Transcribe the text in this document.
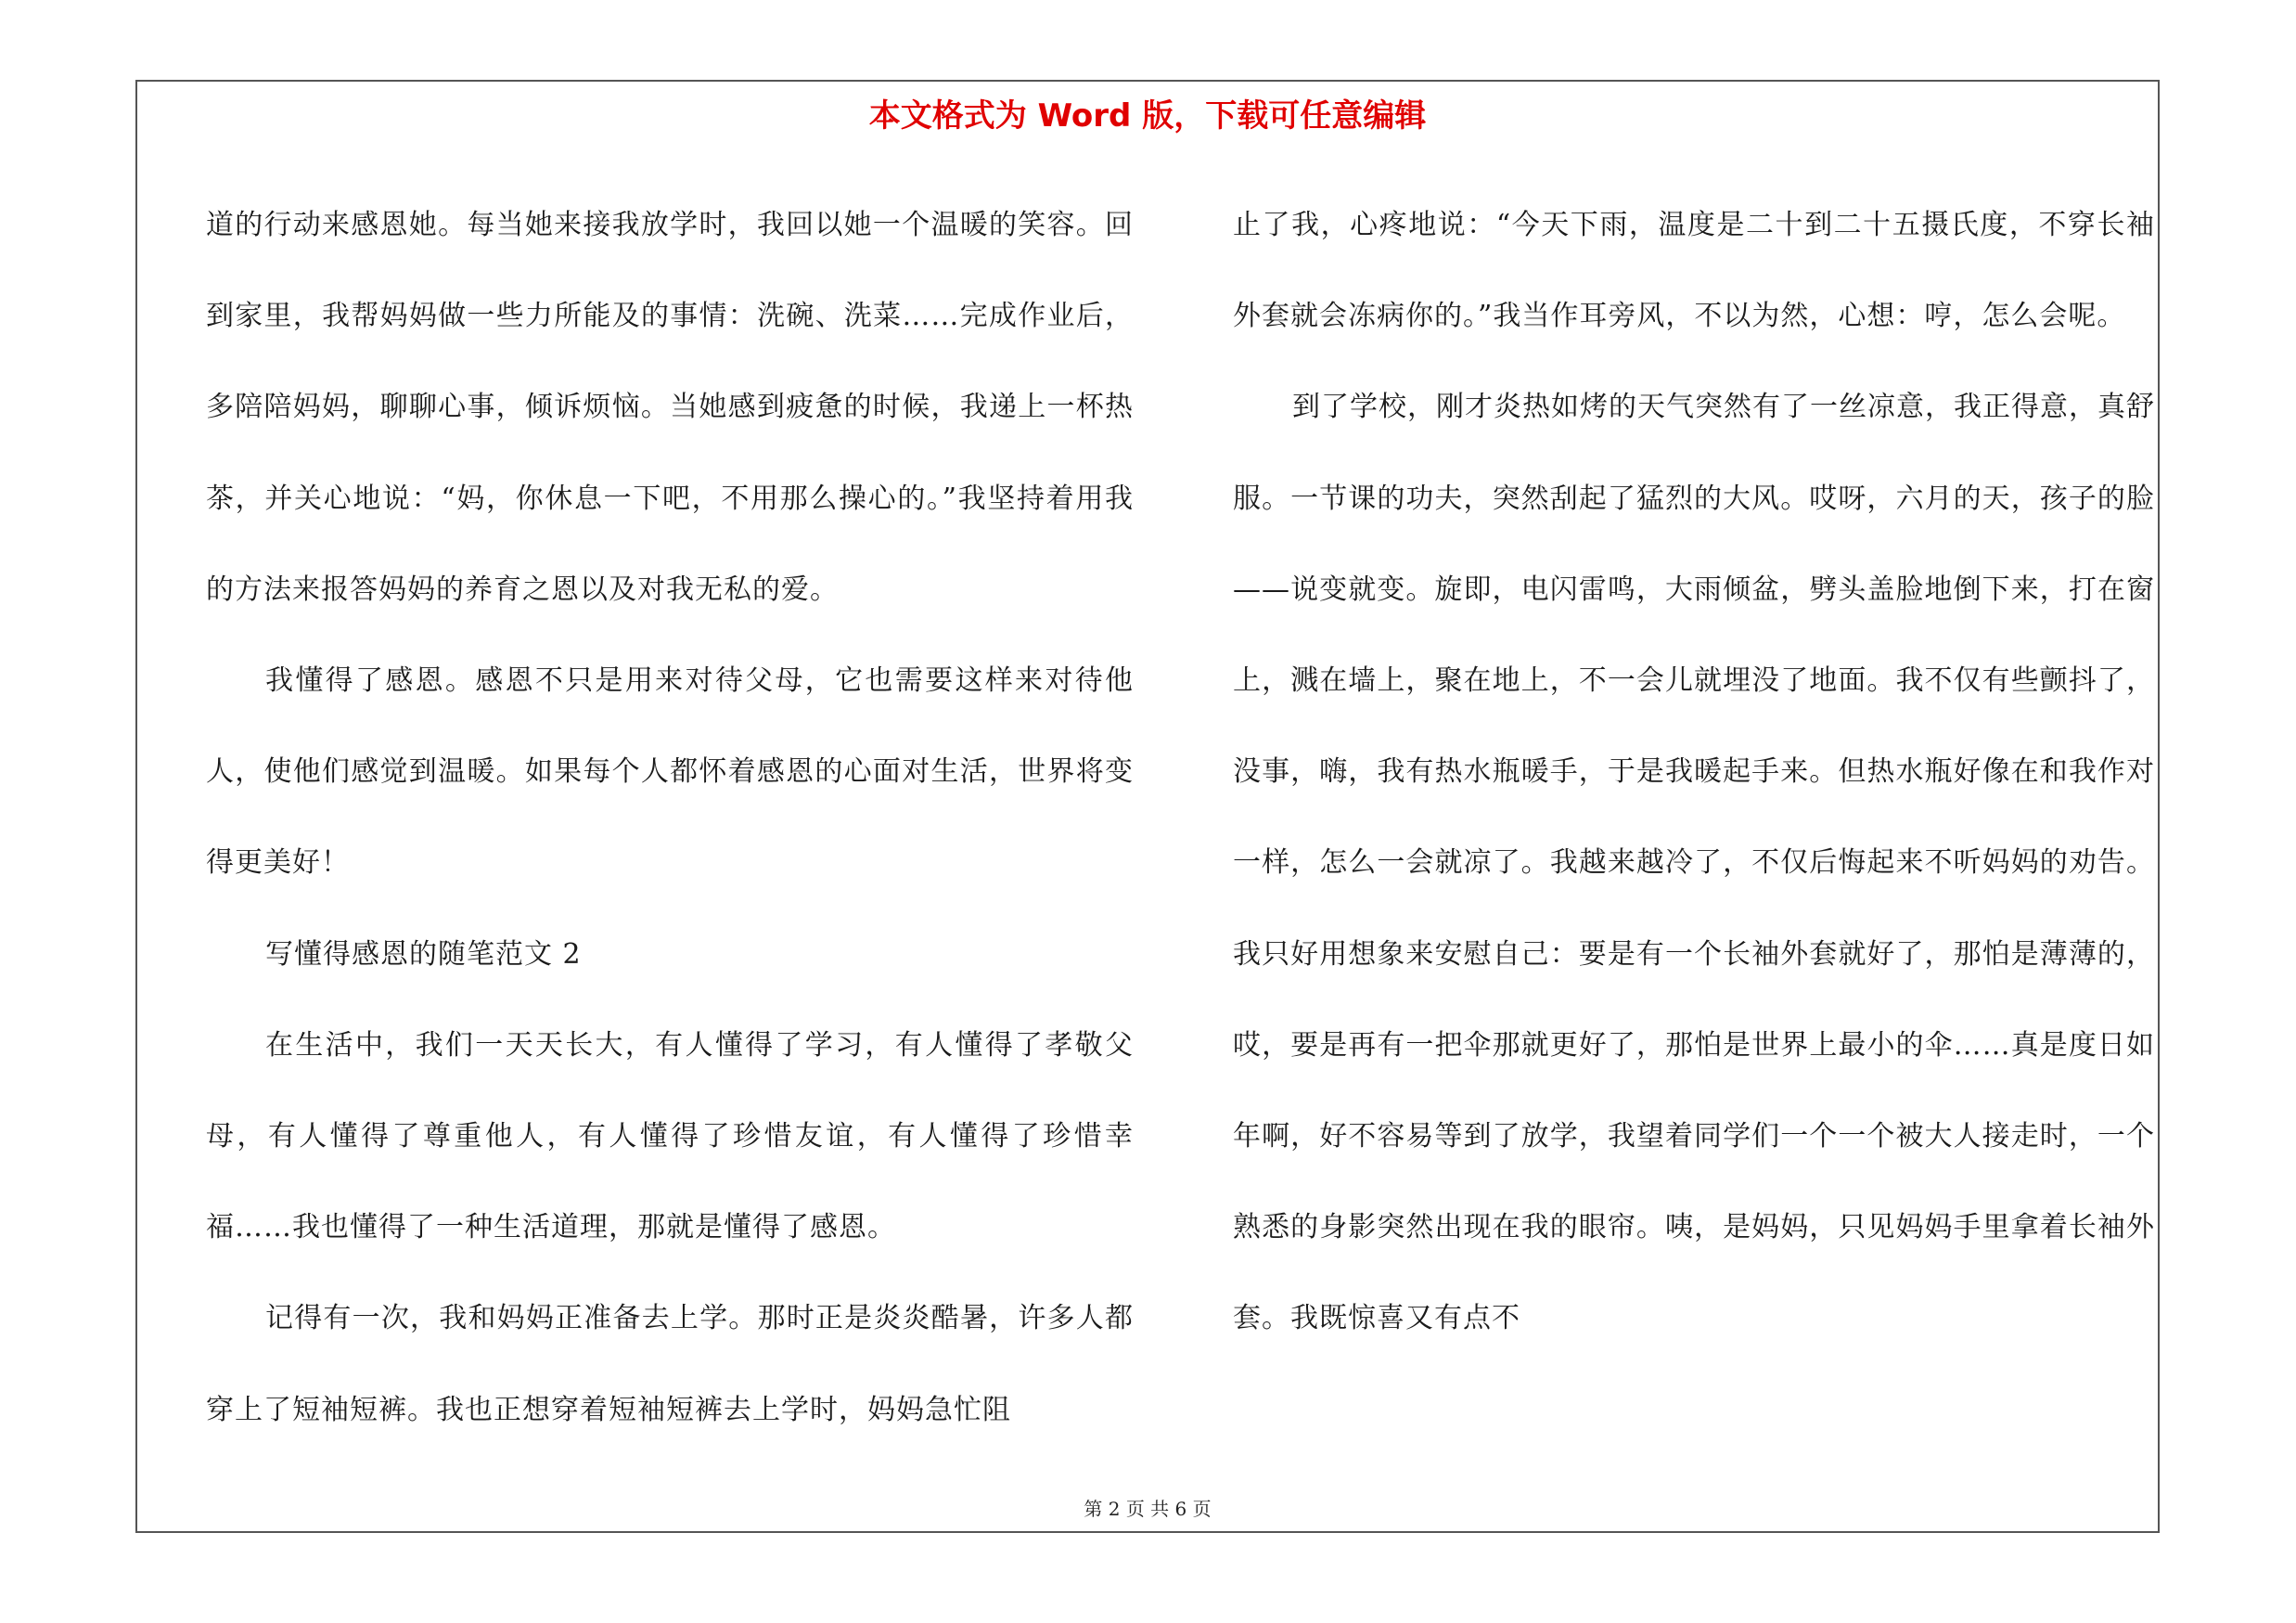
本文格式为 Word 版，下载可任意编辑

道的行动来感恩她。每当她来接我放学时，我回以她一个温暖的笑容。回到家里，我帮妈妈做一些力所能及的事情：洗碗、洗菜……完成作业后，多陪陪妈妈，聊聊心事，倾诉烦恼。当她感到疲惫的时候，我递上一杯热茶，并关心地说：“妈，你休息一下吧，不用那么操心的。”我坚持着用我的方法来报答妈妈的养育之恩以及对我无私的爱。

我懂得了感恩。感恩不只是用来对待父母，它也需要这样来对待他人，使他们感觉到温暖。如果每个人都怀着感恩的心面对生活，世界将变得更美好！

写懂得感恩的随笔范文 2

在生活中，我们一天天长大，有人懂得了学习，有人懂得了孝敬父母，有人懂得了尊重他人，有人懂得了珍惜友谊，有人懂得了珍惜幸福……我也懂得了一种生活道理，那就是懂得了感恩。

记得有一次，我和妈妈正准备去上学。那时正是炎炎酷暑，许多人都穿上了短袖短裤。我也正想穿着短袖短裤去上学时，妈妈急忙阻

止了我，心疼地说：“今天下雨，温度是二十到二十五摄氏度，不穿长袖外套就会冻病你的。”我当作耳旁风，不以为然，心想：哼，怎么会呢。

到了学校，刚才炎热如烤的天气突然有了一丝凉意，我正得意，真舒服。一节课的功夫，突然刮起了猛烈的大风。哎呀，六月的天，孩子的脸——说变就变。旋即，电闪雷鸣，大雨倾盆，劈头盖脸地倒下来，打在窗上，溅在墙上，聚在地上，不一会儿就埋没了地面。我不仅有些颤抖了，没事，嗨，我有热水瓶暖手，于是我暖起手来。但热水瓶好像在和我作对一样，怎么一会就凉了。我越来越冷了，不仅后悔起来不听妈妈的劝告。我只好用想象来安慰自己：要是有一个长袖外套就好了，那怕是薄薄的，哎，要是再有一把伞那就更好了，那怕是世界上最小的伞……真是度日如年啊，好不容易等到了放学，我望着同学们一个一个被大人接走时，一个熟悉的身影突然出现在我的眼帘。咦，是妈妈，只见妈妈手里拿着长袖外套。我既惊喜又有点不

第 2 页 共 6 页
